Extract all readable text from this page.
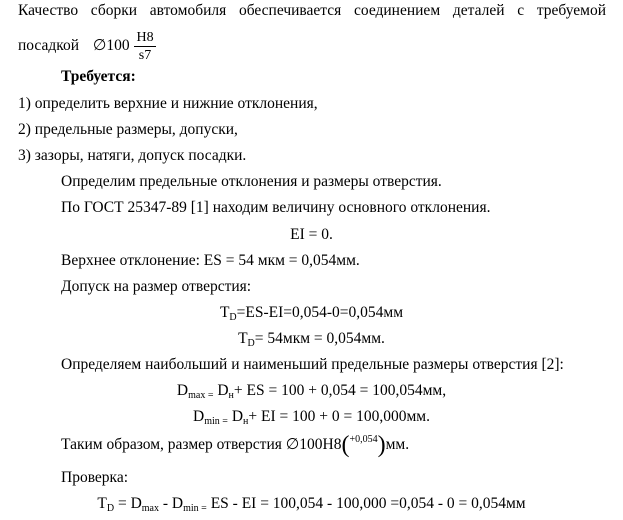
Качество сборки автомобиля обеспечивается соединением деталей с требуемой
посадкой ∅100 $\frac{H8}{s7}$
Требуется:
1) определить верхние и нижние отклонения,
2) предельные размеры, допуски,
3) зазоры, натяги, допуск посадки.
Определим предельные отклонения и размеры отверстия.
По ГОСТ 25347-89 [1] находим величину основного отклонения.
EI = 0.
Верхнее отклонение: ES = 54 мкм = 0,054мм.
Допуск на размер отверстия:
$T_D=ES-EI=0,054-0=0,054мм$
$T_D= 54мкм = 0,054мм$.
Определяем наибольший и наименьший предельные размеры отверстия [2]:
$D_{max =}$ $D_н+$ ES = 100 + 0,054 = 100,054мм,
$D_{min =}$ $D_н+$ EI = 100 + 0 = 100,000мм.
Таким образом, размер отверстия ∅100H8($^{+0,054}$)мм.
Проверка:
$T_D = D_{max} - D_{min =}$ ES - EI = 100,054 - 100,000 =0,054 - 0 = 0,054мм
